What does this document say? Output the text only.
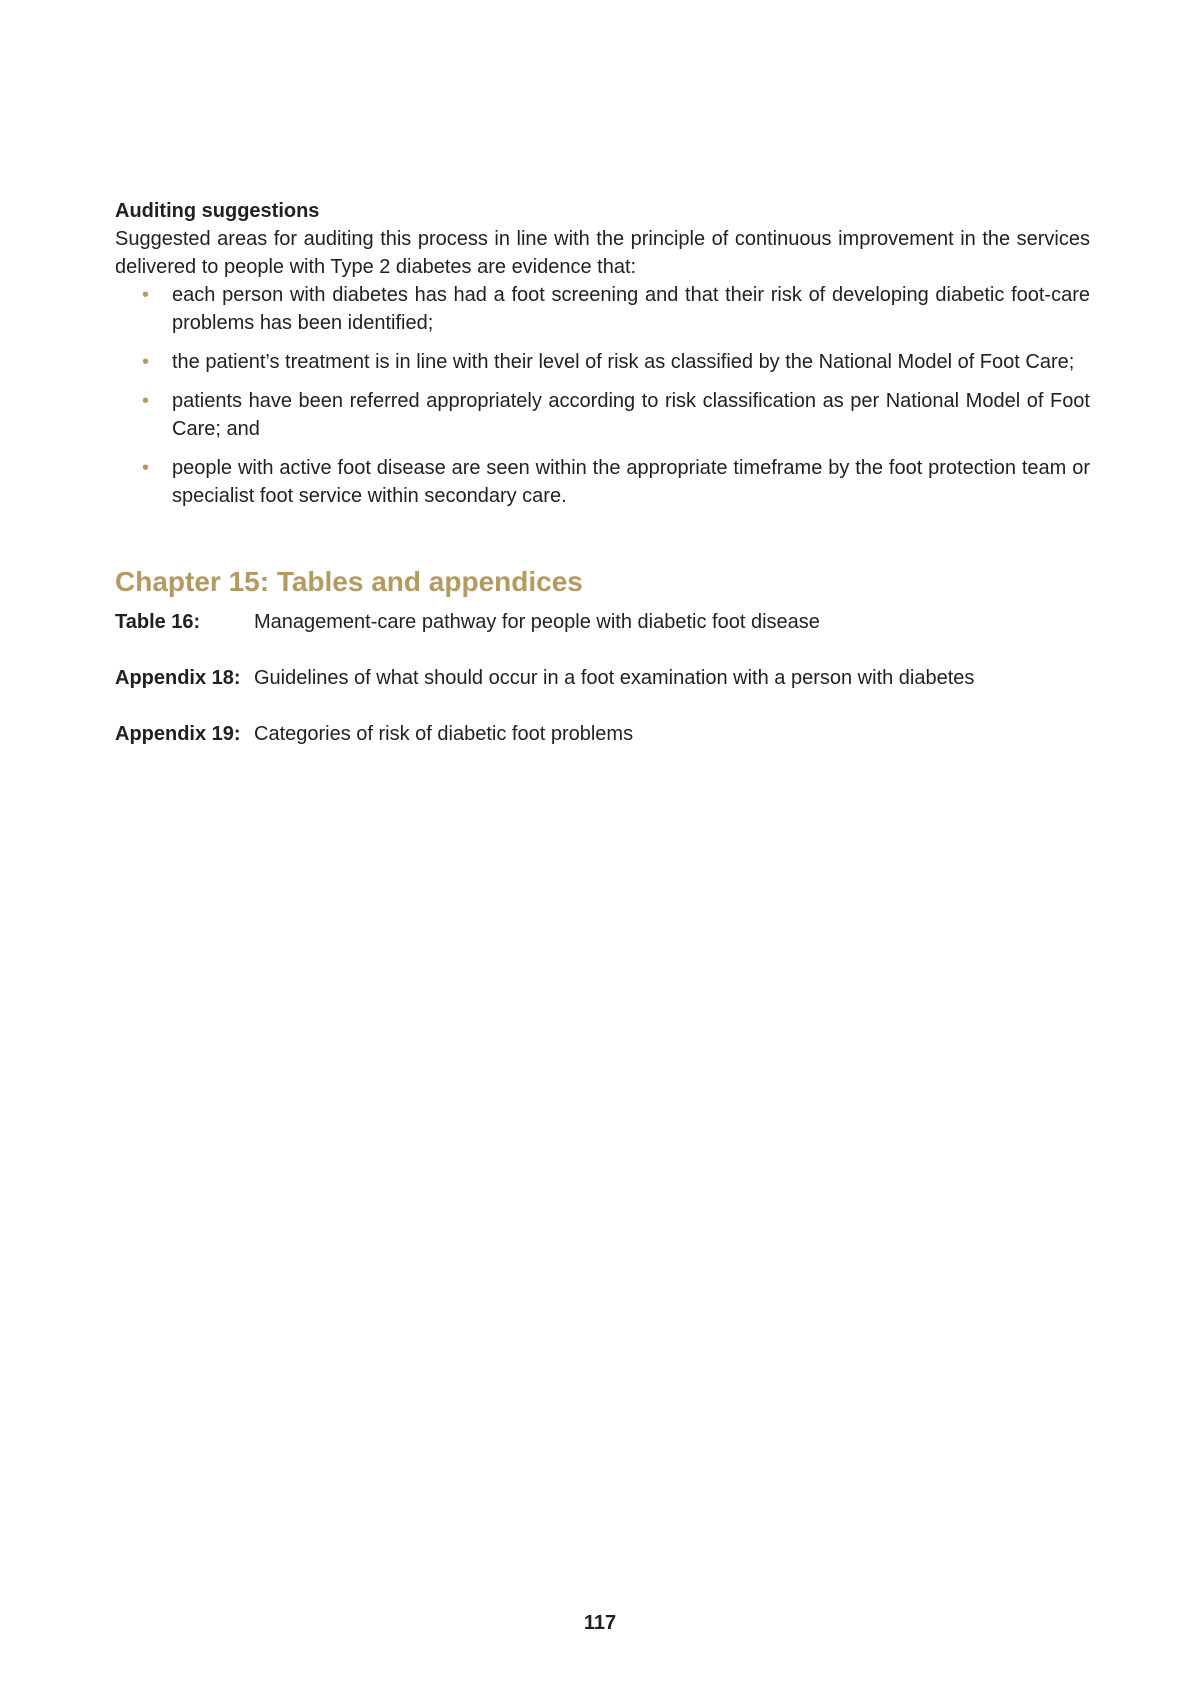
Auditing suggestions

Suggested areas for auditing this process in line with the principle of continuous improvement in the services delivered to people with Type 2 diabetes are evidence that:

• each person with diabetes has had a foot screening and that their risk of developing diabetic foot-care problems has been identified;
• the patient’s treatment is in line with their level of risk as classified by the National Model of Foot Care;
• patients have been referred appropriately according to risk classification as per National Model of Foot Care; and
• people with active foot disease are seen within the appropriate timeframe by the foot protection team or specialist foot service within secondary care.
Chapter 15: Tables and appendices
Table 16:	Management-care pathway for people with diabetic foot disease
Appendix 18: Guidelines of what should occur in a foot examination with a person with diabetes
Appendix 19: Categories of risk of diabetic foot problems
117
